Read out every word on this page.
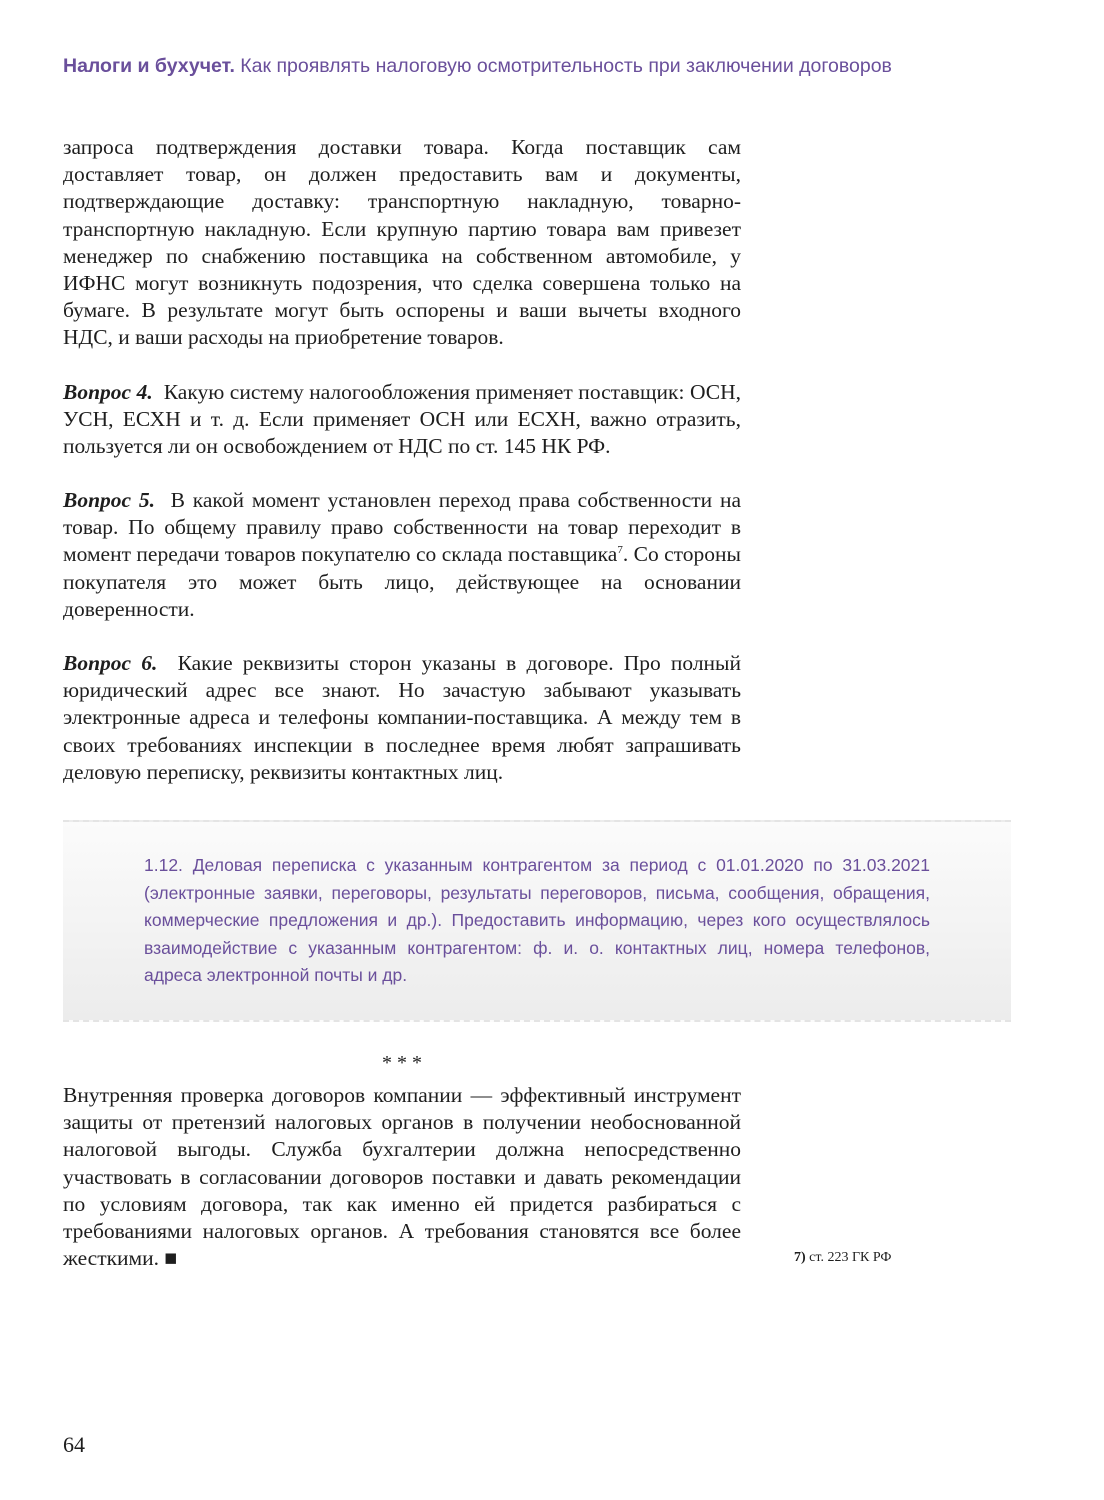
Налоги и бухучет. Как проявлять налоговую осмотрительность при заключении договоров

запроса подтверждения доставки товара. Когда поставщик сам доставляет товар, он должен предоставить вам и документы, подтверждающие доставку: транспортную накладную, товарно-транспортную накладную. Если крупную партию товара вам привезет менеджер по снабжению поставщика на собственном автомобиле, у ИФНС могут возникнуть подозрения, что сделка совершена только на бумаге. В результате могут быть оспорены и ваши вычеты входного НДС, и ваши расходы на приобретение товаров.

Вопрос 4. Какую систему налогообложения применяет поставщик: ОСН, УСН, ЕСХН и т. д. Если применяет ОСН или ЕСХН, важно отразить, пользуется ли он освобождением от НДС по ст. 145 НК РФ.

Вопрос 5. В какой момент установлен переход права собственности на товар. По общему правилу право собственности на товар переходит в момент передачи товаров покупателю со склада поставщика$^7$. Со стороны покупателя это может быть лицо, действующее на основании доверенности.

Вопрос 6. Какие реквизиты сторон указаны в договоре. Про полный юридический адрес все знают. Но зачастую забывают указывать электронные адреса и телефоны компании-поставщика. А между тем в своих требованиях инспекции в последнее время любят запрашивать деловую переписку, реквизиты контактных лиц.

1.12. Деловая переписка с указанным контрагентом за период с 01.01.2020 по 31.03.2021 (электронные заявки, переговоры, результаты переговоров, письма, сообщения, обращения, коммерческие предложения и др.). Предоставить информацию, через кого осуществлялось взаимодействие с указанным контрагентом: ф. и. о. контактных лиц, номера телефонов, адреса электронной почты и др.
* * *

Внутренняя проверка договоров компании — эффективный инструмент защиты от претензий налоговых органов в получении необоснованной налоговой выгоды. Служба бухгалтерии должна непосредственно участвовать в согласовании договоров поставки и давать рекомендации по условиям договора, так как именно ей придется разбираться с требованиями налоговых органов. А требования становятся все более жесткими. ■	7) ст. 223 ГК РФ
64
